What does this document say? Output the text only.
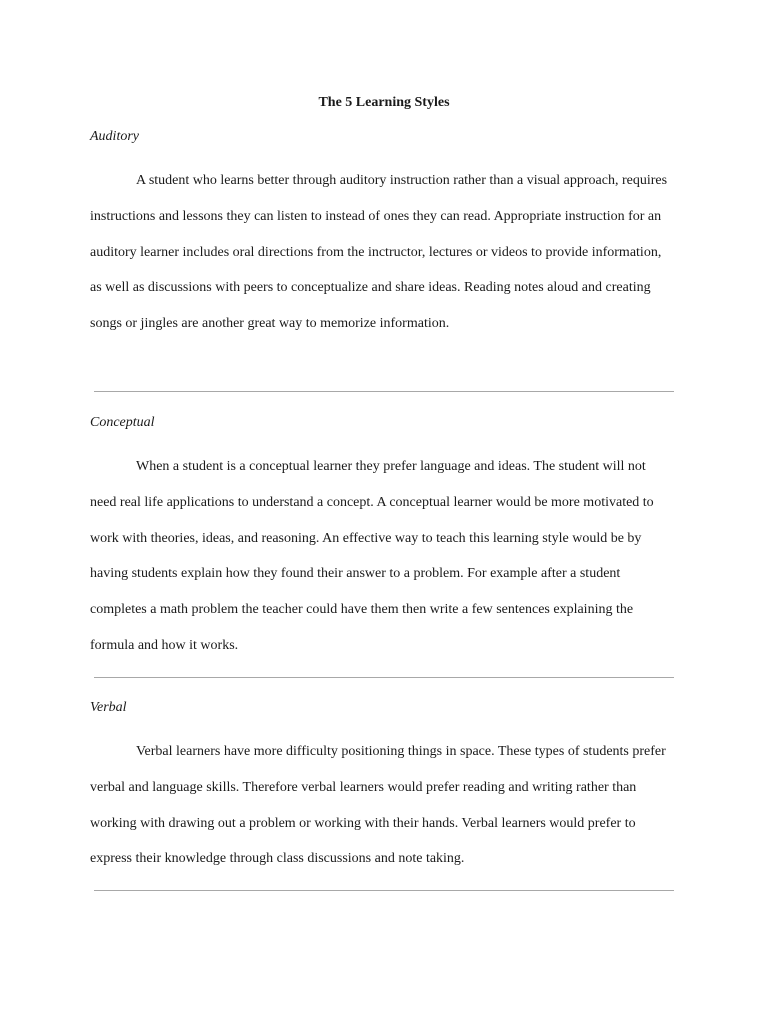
The 5 Learning Styles
Auditory

A student who learns better through auditory instruction rather than a visual approach, requires instructions and lessons they can listen to instead of ones they can read. Appropriate instruction for an auditory learner includes oral directions from the inctructor, lectures or videos to provide information, as well as discussions with peers to conceptualize and share ideas. Reading notes aloud and creating songs or jingles are another great way to memorize information.

Conceptual

When a student is a conceptual learner they prefer language and ideas. The student will not need real life applications to understand a concept. A conceptual learner would be more motivated to work with theories, ideas, and reasoning. An effective way to teach this learning style would be by having students explain how they found their answer to a problem. For example after a student completes a math problem the teacher could have them then write a few sentences explaining the formula and how it works.

Verbal

Verbal learners have more difficulty positioning things in space. These types of students prefer verbal and language skills. Therefore verbal learners would prefer reading and writing rather than working with drawing out a problem or working with their hands. Verbal learners would prefer to express their knowledge through class discussions and note taking.
